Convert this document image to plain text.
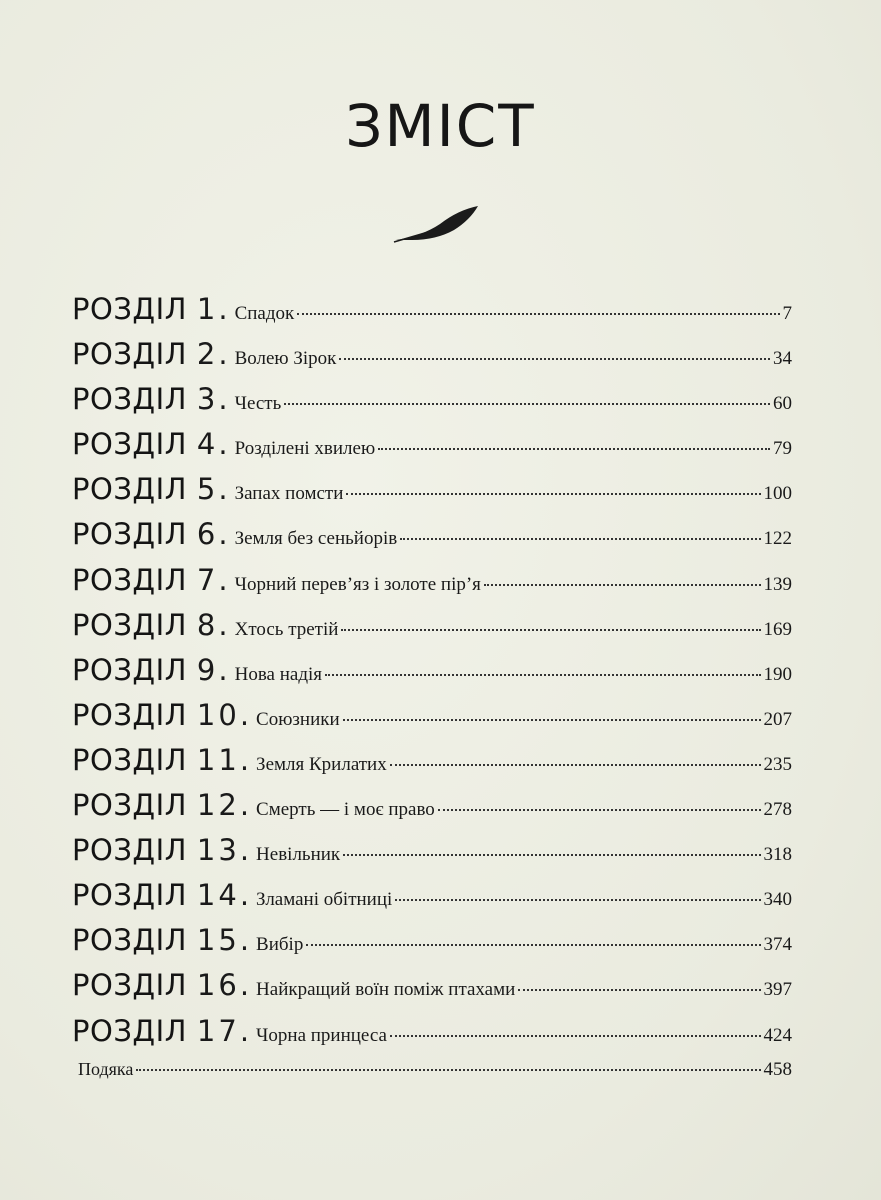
ЗМІСТ
РОЗДІЛ 1. Спадок	7
РОЗДІЛ 2. Волею Зірок	34
РОЗДІЛ 3. Честь	60
РОЗДІЛ 4. Розділені хвилею	79
РОЗДІЛ 5. Запах помсти	100
РОЗДІЛ 6. Земля без сеньйорів	122
РОЗДІЛ 7. Чорний перев’яз і золоте пір’я	139
РОЗДІЛ 8. Хтось третій	169
РОЗДІЛ 9. Нова надія	190
РОЗДІЛ 10. Союзники	207
РОЗДІЛ 11. Земля Крилатих	235
РОЗДІЛ 12. Смерть — і моє право	278
РОЗДІЛ 13. Невільник	318
РОЗДІЛ 14. Зламані обітниці	340
РОЗДІЛ 15. Вибір	374
РОЗДІЛ 16. Найкращий воїн поміж птахами	397
РОЗДІЛ 17. Чорна принцеса	424
Подяка	458
